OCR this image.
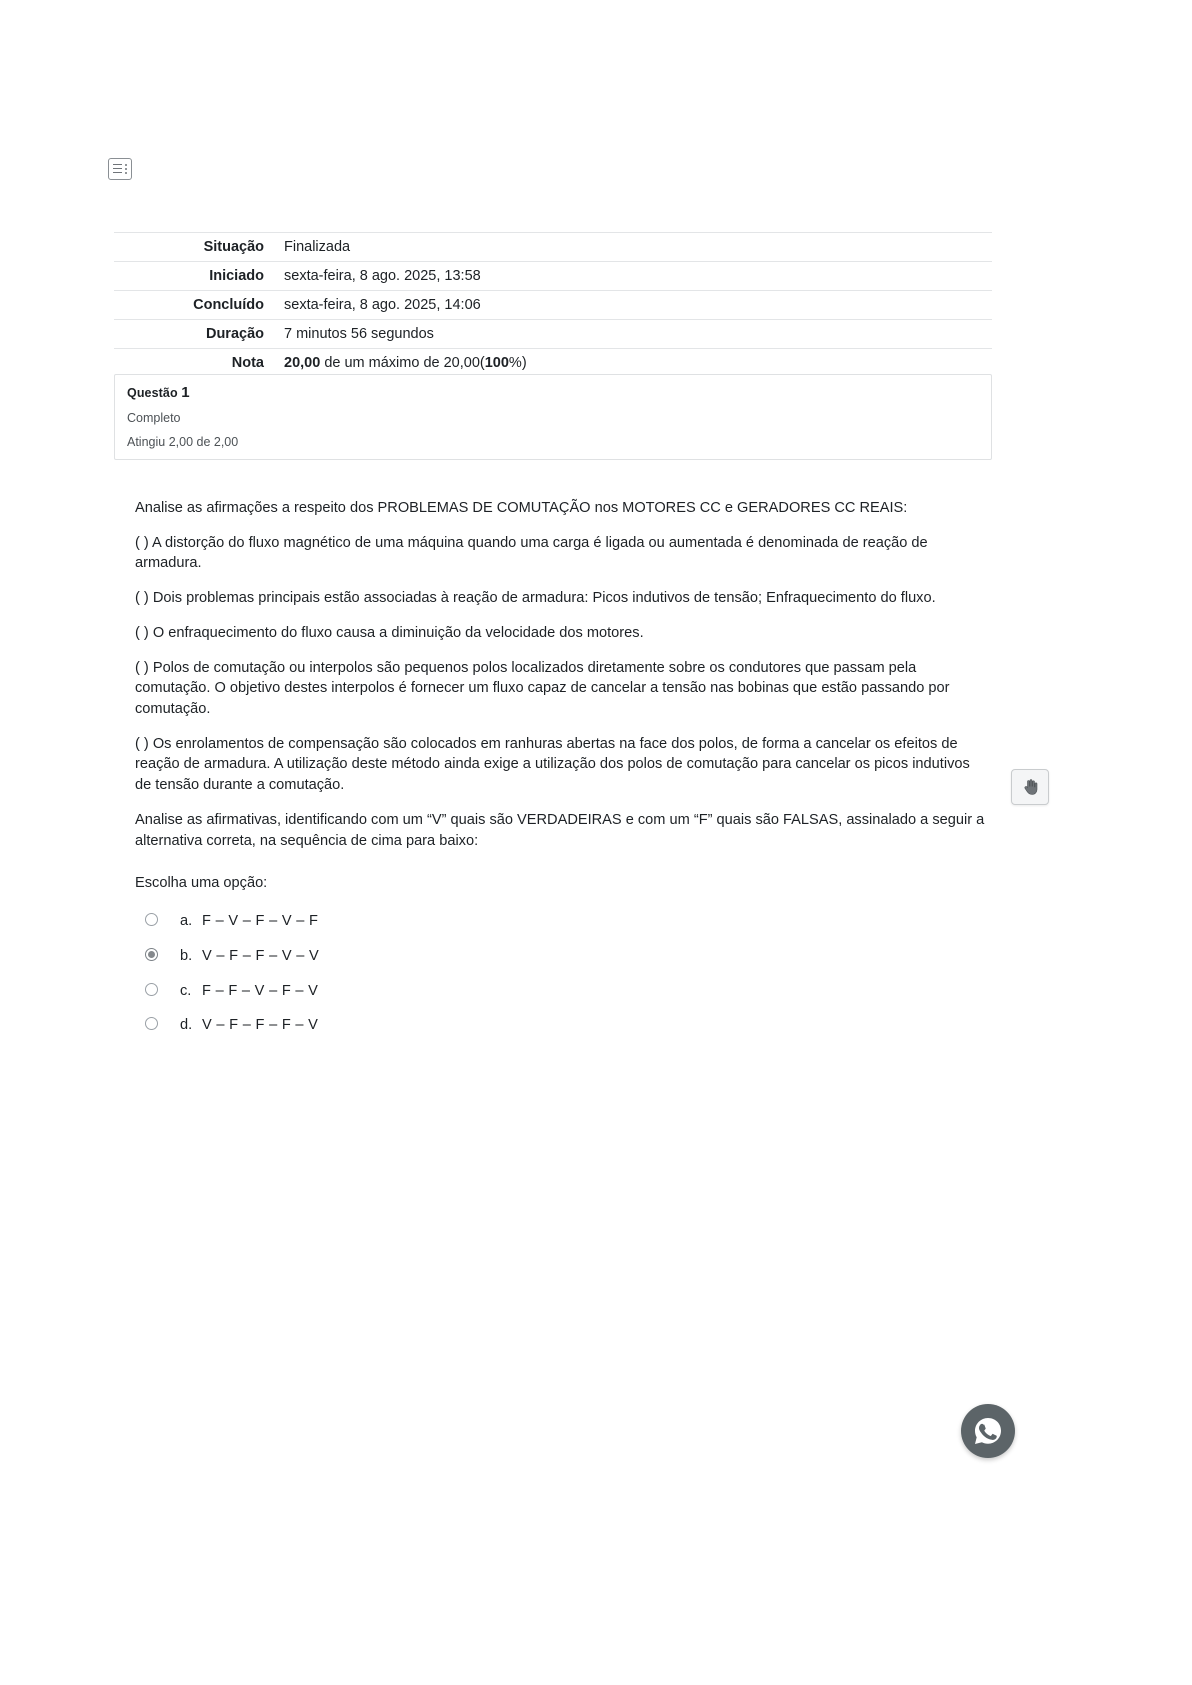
Situação	Finalizada
Iniciado	sexta-feira, 8 ago. 2025, 13:58
Concluído	sexta-feira, 8 ago. 2025, 14:06
Duração	7 minutos 56 segundos
Nota	20,00 de um máximo de 20,00(100%)
Questão 1
Completo
Atingiu 2,00 de 2,00

Analise as afirmações a respeito dos PROBLEMAS DE COMUTAÇÃO nos MOTORES CC e GERADORES CC REAIS:

( ) A distorção do fluxo magnético de uma máquina quando uma carga é ligada ou aumentada é denominada de reação de armadura.

( ) Dois problemas principais estão associadas à reação de armadura: Picos indutivos de tensão; Enfraquecimento do fluxo.

( ) O enfraquecimento do fluxo causa a diminuição da velocidade dos motores.

( ) Polos de comutação ou interpolos são pequenos polos localizados diretamente sobre os condutores que passam pela comutação. O objetivo destes interpolos é fornecer um fluxo capaz de cancelar a tensão nas bobinas que estão passando por comutação.

( ) Os enrolamentos de compensação são colocados em ranhuras abertas na face dos polos, de forma a cancelar os efeitos de reação de armadura. A utilização deste método ainda exige a utilização dos polos de comutação para cancelar os picos indutivos de tensão durante a comutação.

Analise as afirmativas, identificando com um “V” quais são VERDADEIRAS e com um “F” quais são FALSAS, assinalado a seguir a alternativa correta, na sequência de cima para baixo:

Escolha uma opção:
a. F – V – F – V – F
b. V – F – F – V – V
c. F – F – V – F – V
d. V – F – F – F – V
